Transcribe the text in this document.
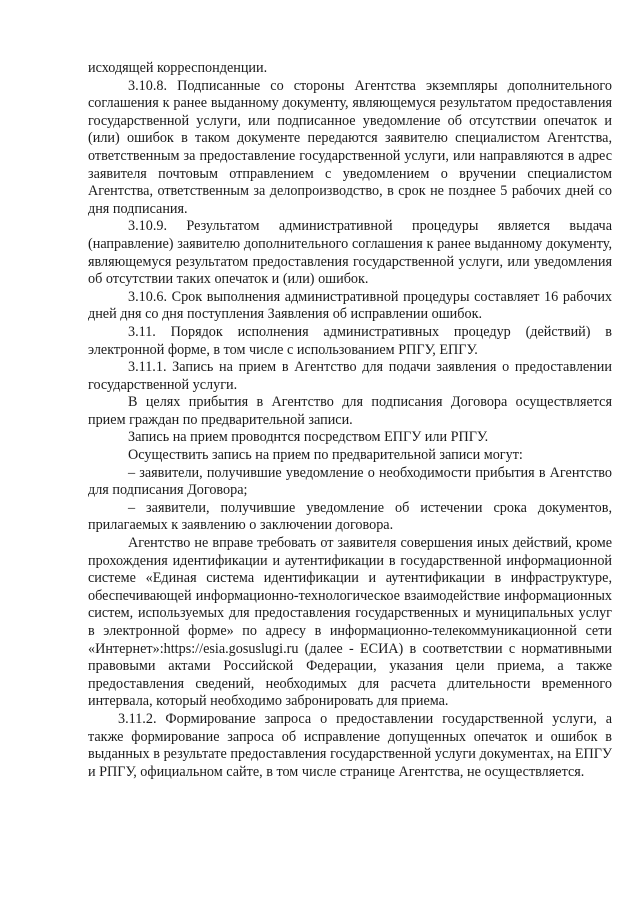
исходящей корреспонденции.

3.10.8. Подписанные со стороны Агентства экземпляры дополнительного соглашения к ранее выданному документу, являющемуся результатом предоставления государственной услуги, или подписанное уведомление об отсутствии опечаток и (или) ошибок в таком документе передаются заявителю специалистом Агентства, ответственным за предоставление государственной услуги, или направляются в адрес заявителя почтовым отправлением с уведомлением о вручении специалистом Агентства, ответственным за делопроизводство, в срок не позднее 5 рабочих дней со дня подписания.

3.10.9. Результатом административной процедуры является выдача (направление) заявителю дополнительного соглашения к ранее выданному документу, являющемуся результатом предоставления государственной услуги, или уведомления об отсутствии таких опечаток и (или) ошибок.

3.10.6. Срок выполнения административной процедуры составляет 16 рабочих дней дня со дня поступления Заявления об исправлении ошибок.

3.11. Порядок исполнения административных процедур (действий) в электронной форме, в том числе с использованием РПГУ, ЕПГУ.

3.11.1. Запись на прием в Агентство для подачи заявления о предоставлении государственной услуги.

В целях прибытия в Агентство для подписания Договора осуществляется прием граждан по предварительной записи.

Запись на прием проводнтся посредством ЕПГУ или РПГУ.

Осуществить запись на прием по предварительной записи могут:

– заявители, получившие уведомление о необходимости прибытия в Агентство для подписания Договора;

– заявители, получившие уведомление об истечении срока документов, прилагаемых к заявлению о заключении договора.

Агентство не вправе требовать от заявителя совершения иных действий, кроме прохождения идентификации и аутентификации в государственной информационной системе «Единая система идентификации и аутентификации в инфраструктуре, обеспечивающей информационно-технологическое взаимодействие информационных систем, используемых для предоставления государственных и муниципальных услуг в электронной форме» по адресу в информационно-телекоммуникационной сети «Интернет»:https://esia.gosuslugi.ru (далее - ЕСИА) в соответствии с нормативными правовыми актами Российской Федерации, указания цели приема, а также предоставления сведений, необходимых для расчета длительности временного интервала, который необходимо забронировать для приема.

3.11.2. Формирование запроса о предоставлении государственной услуги, а также формирование запроса об исправление допущенных опечаток и ошибок в выданных в результате предоставления государственной услуги документах, на ЕПГУ и РПГУ, официальном сайте, в том числе странице Агентства, не осуществляется.
